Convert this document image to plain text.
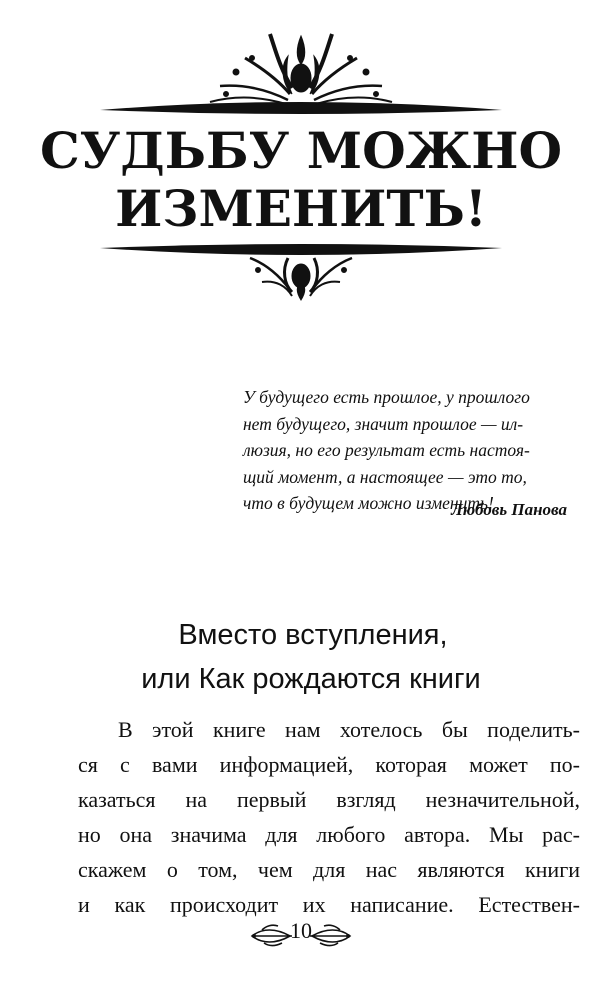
СУДЬБУ МОЖНО
ИЗМЕНИТЬ!
У будущего есть прошлое, у прошлого
нет будущего, значит прошлое — ил-
люзия, но его результат есть настоя-
щий момент, а настоящее — это то,
что в будущем можно изменить!
Любовь Панова
Вместо вступления,
или Как рождаются книги
В этой книге нам хотелось бы поделить-
ся с вами информацией, которая может по-
казаться на первый взгляд незначительной,
но она значима для любого автора. Мы рас-
скажем о том, чем для нас являются книги
и как происходит их написание. Естествен-
10
